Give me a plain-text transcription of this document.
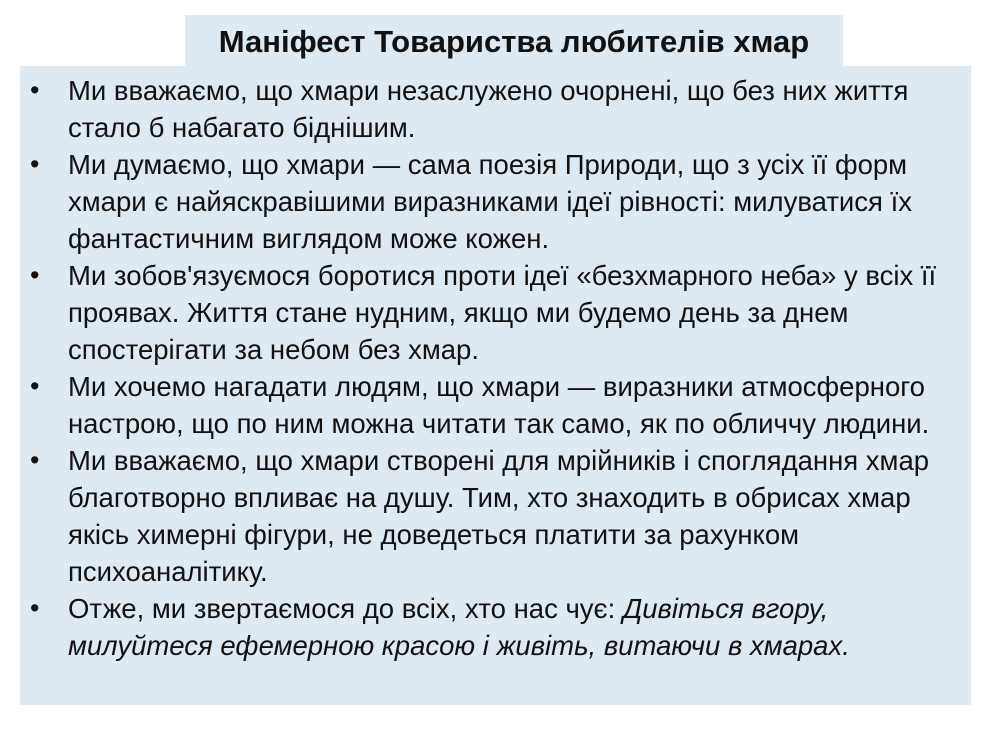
Маніфест Товариства любителів хмар
• Ми вважаємо, що хмари незаслужено очорнені, що без них життя стало б набагато біднішим.
• Ми думаємо, що хмари — сама поезія Природи, що з усіх її форм хмари є найяскравішими виразниками ідеї рівності: милуватися їх фантастичним виглядом може кожен.
• Ми зобов'язуємося боротися проти ідеї «безхмарного неба» у всіх її проявах. Життя стане нудним, якщо ми будемо день за днем спостерігати за небом без хмар.
• Ми хочемо нагадати людям, що хмари — виразники атмосферного настрою, що по ним можна читати так само, як по обличчу людини.
• Ми вважаємо, що хмари створені для мрійників і споглядання хмар благотворно впливає на душу. Тим, хто знаходить в обрисах хмар якісь химерні фігури, не доведеться платити за рахунком психоаналітику.
• Отже, ми звертаємося до всіх, хто нас чує: Дивіться вгору, милуйтеся ефемерною красою і живіть, витаючи в хмарах.
